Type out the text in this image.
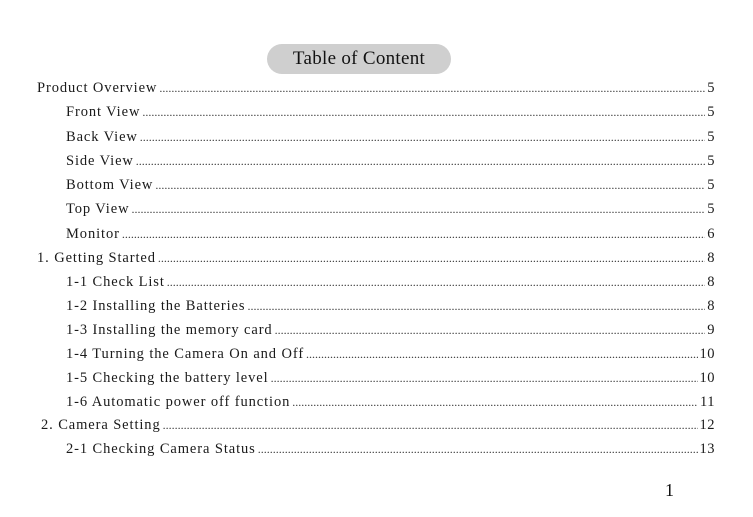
Table of Content
Product Overview .....	5
Front View .....	5
Back View .....	5
Side View .....	5
Bottom View .....	5
Top View .....	5
Monitor .....	6
1. Getting Started .....	8
1-1 Check List .....	8
1-2 Installing the Batteries .....	8
1-3 Installing the memory card .....	9
1-4 Turning the Camera On and Off .....	10
1-5 Checking the battery level .....	10
1-6 Automatic power off function .....	11
2. Camera Setting .....	12
2-1 Checking Camera Status .....	13
1
